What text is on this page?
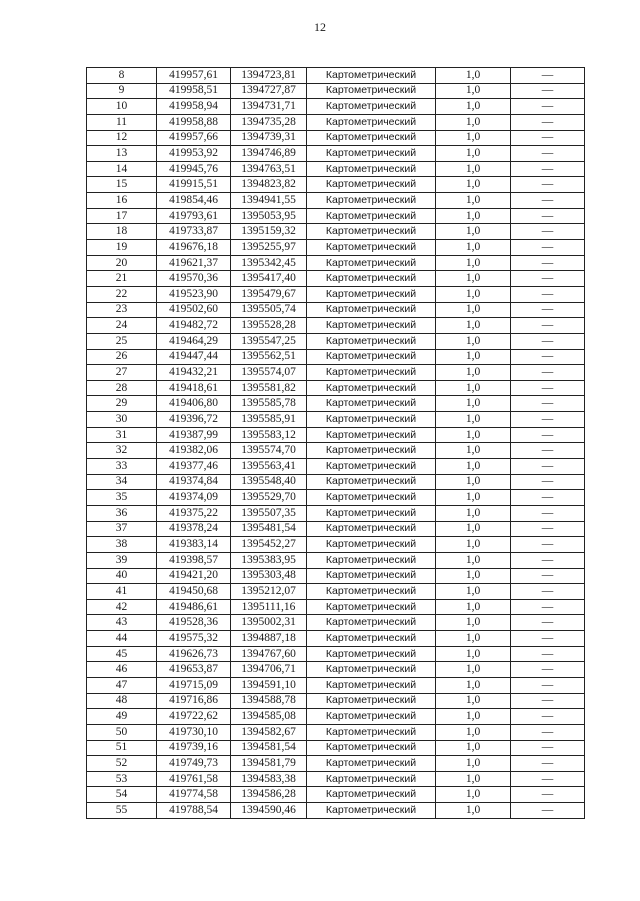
12
8	419957,61	1394723,81	Картометрический	1,0	—
9	419958,51	1394727,87	Картометрический	1,0	—
10	419958,94	1394731,71	Картометрический	1,0	—
11	419958,88	1394735,28	Картометрический	1,0	—
12	419957,66	1394739,31	Картометрический	1,0	—
13	419953,92	1394746,89	Картометрический	1,0	—
14	419945,76	1394763,51	Картометрический	1,0	—
15	419915,51	1394823,82	Картометрический	1,0	—
16	419854,46	1394941,55	Картометрический	1,0	—
17	419793,61	1395053,95	Картометрический	1,0	—
18	419733,87	1395159,32	Картометрический	1,0	—
19	419676,18	1395255,97	Картометрический	1,0	—
20	419621,37	1395342,45	Картометрический	1,0	—
21	419570,36	1395417,40	Картометрический	1,0	—
22	419523,90	1395479,67	Картометрический	1,0	—
23	419502,60	1395505,74	Картометрический	1,0	—
24	419482,72	1395528,28	Картометрический	1,0	—
25	419464,29	1395547,25	Картометрический	1,0	—
26	419447,44	1395562,51	Картометрический	1,0	—
27	419432,21	1395574,07	Картометрический	1,0	—
28	419418,61	1395581,82	Картометрический	1,0	—
29	419406,80	1395585,78	Картометрический	1,0	—
30	419396,72	1395585,91	Картометрический	1,0	—
31	419387,99	1395583,12	Картометрический	1,0	—
32	419382,06	1395574,70	Картометрический	1,0	—
33	419377,46	1395563,41	Картометрический	1,0	—
34	419374,84	1395548,40	Картометрический	1,0	—
35	419374,09	1395529,70	Картометрический	1,0	—
36	419375,22	1395507,35	Картометрический	1,0	—
37	419378,24	1395481,54	Картометрический	1,0	—
38	419383,14	1395452,27	Картометрический	1,0	—
39	419398,57	1395383,95	Картометрический	1,0	—
40	419421,20	1395303,48	Картометрический	1,0	—
41	419450,68	1395212,07	Картометрический	1,0	—
42	419486,61	1395111,16	Картометрический	1,0	—
43	419528,36	1395002,31	Картометрический	1,0	—
44	419575,32	1394887,18	Картометрический	1,0	—
45	419626,73	1394767,60	Картометрический	1,0	—
46	419653,87	1394706,71	Картометрический	1,0	—
47	419715,09	1394591,10	Картометрический	1,0	—
48	419716,86	1394588,78	Картометрический	1,0	—
49	419722,62	1394585,08	Картометрический	1,0	—
50	419730,10	1394582,67	Картометрический	1,0	—
51	419739,16	1394581,54	Картометрический	1,0	—
52	419749,73	1394581,79	Картометрический	1,0	—
53	419761,58	1394583,38	Картометрический	1,0	—
54	419774,58	1394586,28	Картометрический	1,0	—
55	419788,54	1394590,46	Картометрический	1,0	—
